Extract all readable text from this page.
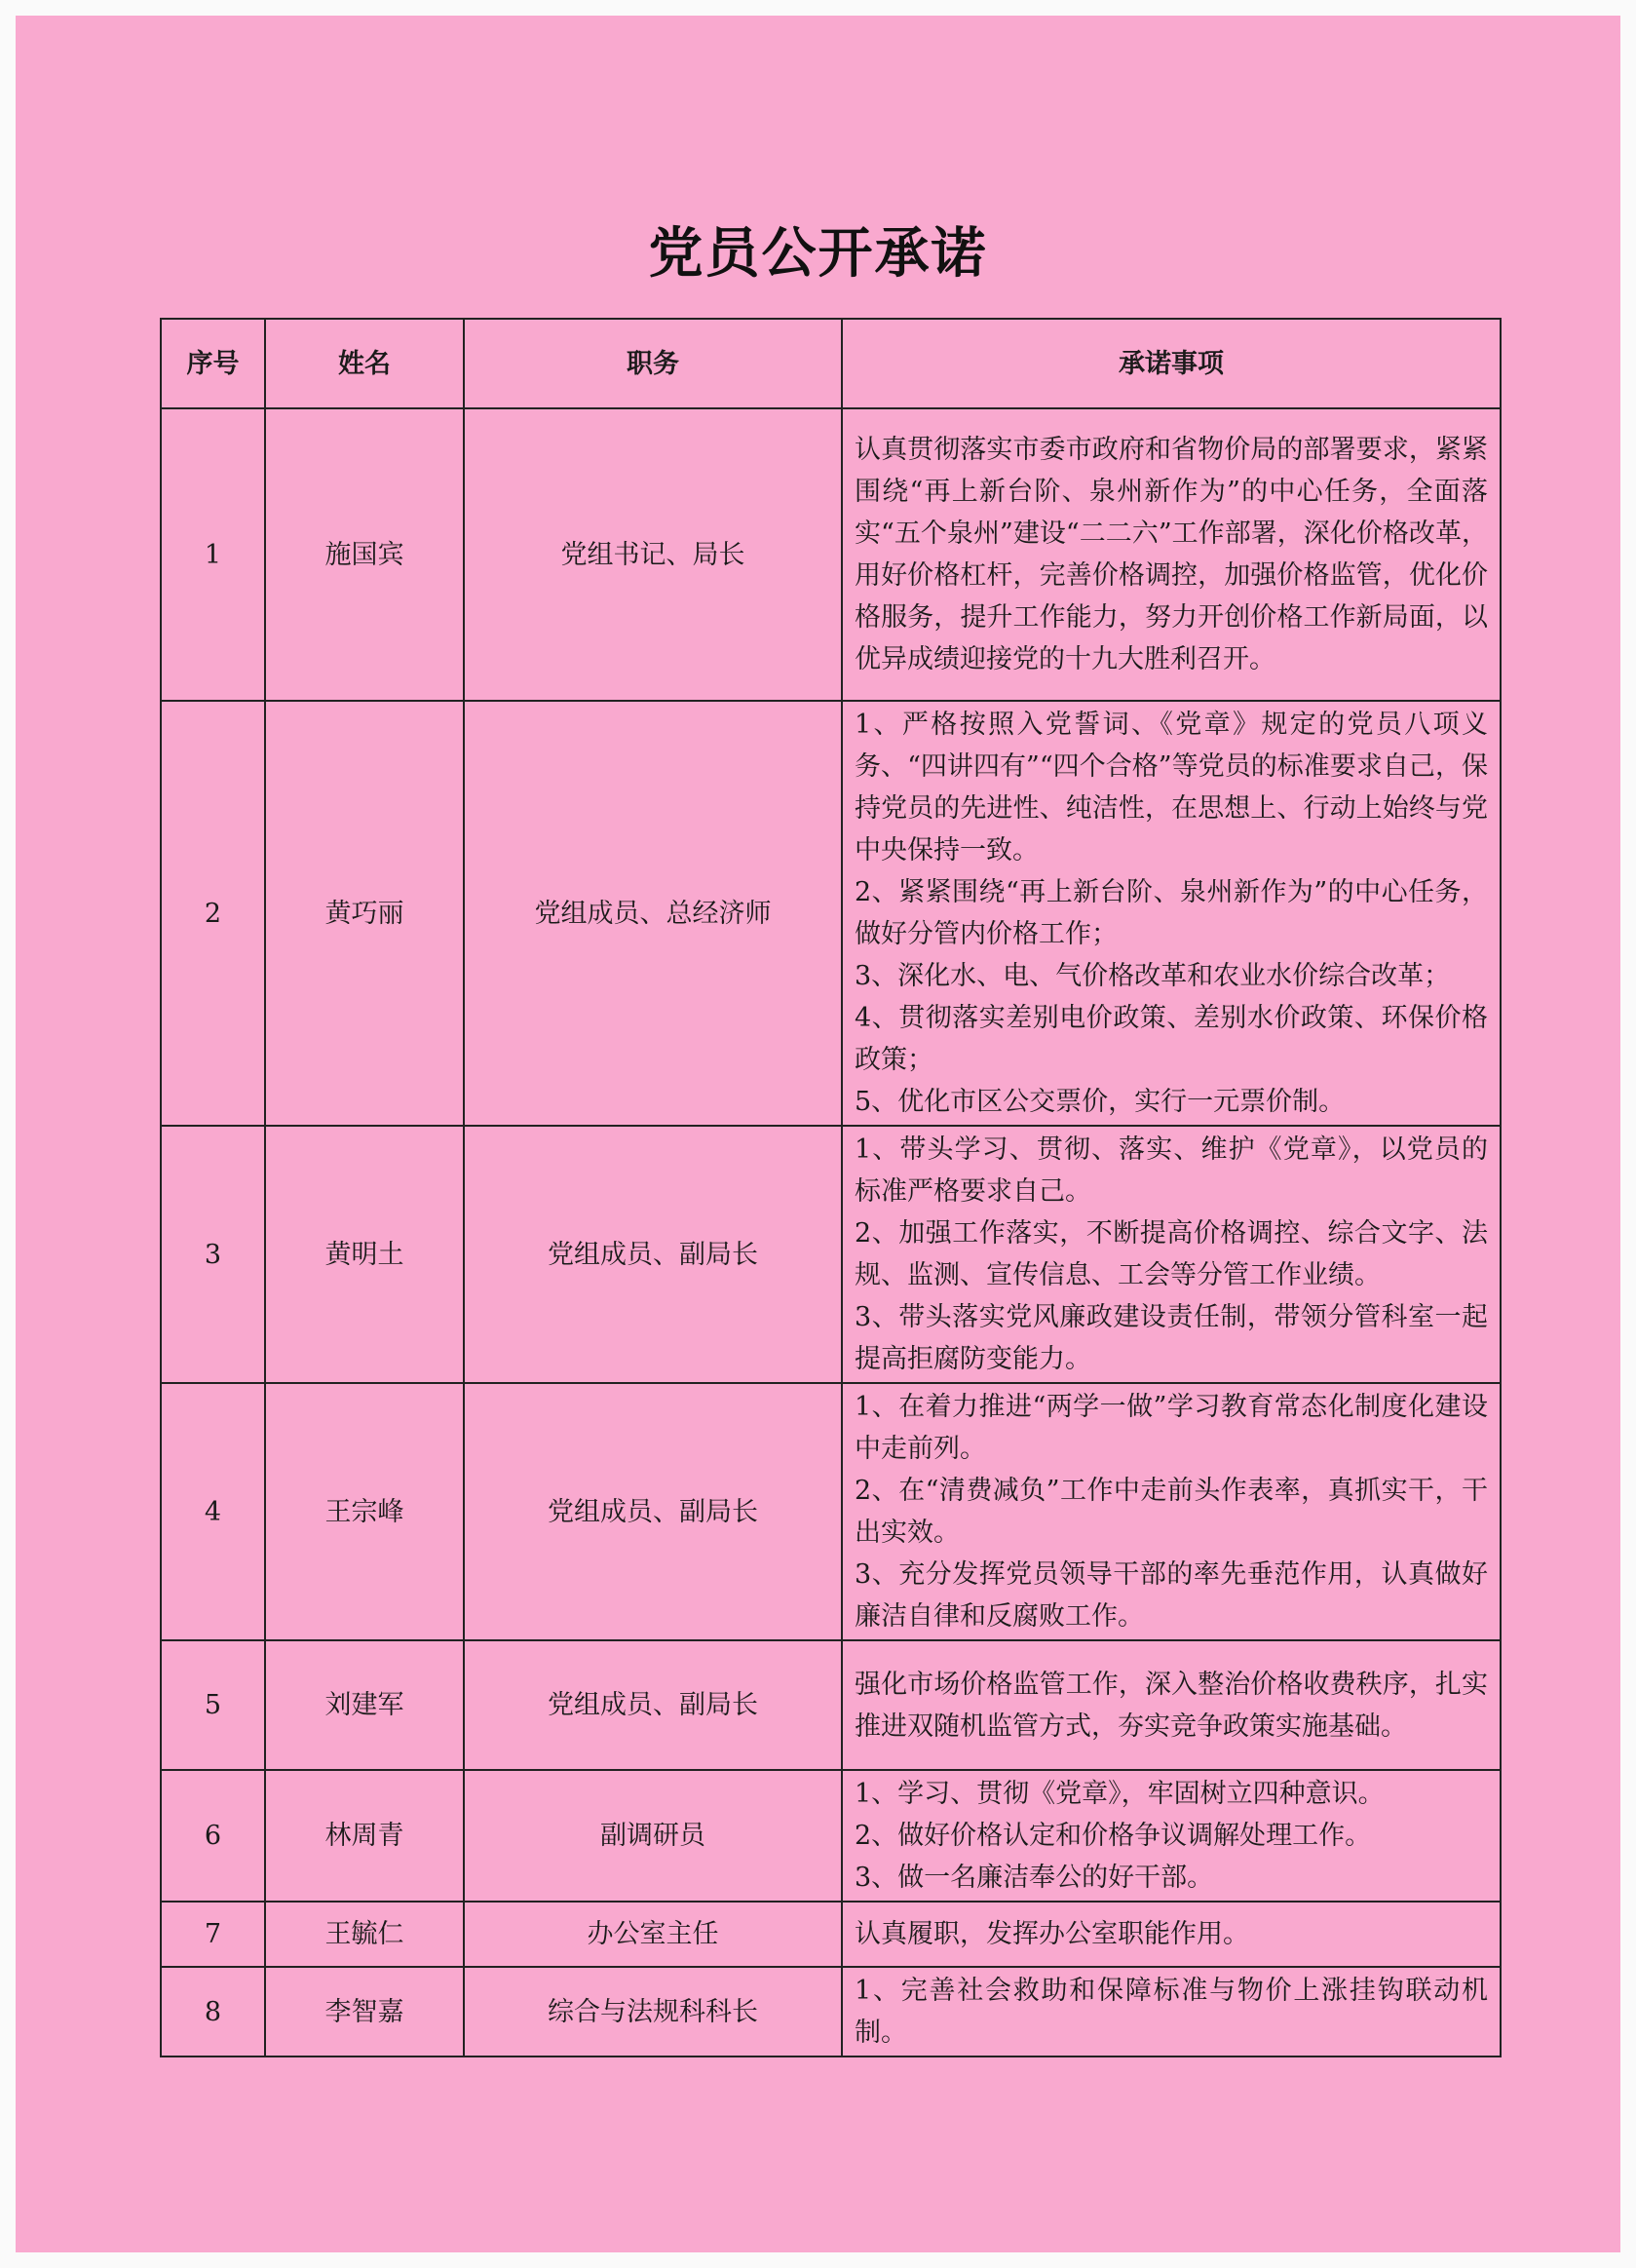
党员公开承诺
序号	姓名	职务	承诺事项
1	施国宾	党组书记、局长	认真贯彻落实市委市政府和省物价局的部署要求，紧紧围绕“再上新台阶、泉州新作为”的中心任务，全面落实“五个泉州”建设“二二六”工作部署，深化价格改革，用好价格杠杆，完善价格调控，加强价格监管，优化价格服务，提升工作能力，努力开创价格工作新局面，以优异成绩迎接党的十九大胜利召开。

2	黄巧丽	党组成员、总经济师	1、严格按照入党誓词、《党章》规定的党员八项义务、“四讲四有”“四个合格”等党员的标准要求自己，保持党员的先进性、纯洁性，在思想上、行动上始终与党中央保持一致。
2、紧紧围绕“再上新台阶、泉州新作为”的中心任务，做好分管内价格工作；
3、深化水、电、气价格改革和农业水价综合改革；
4、贯彻落实差别电价政策、差别水价政策、环保价格政策；
5、优化市区公交票价，实行一元票价制。

3	黄明土	党组成员、副局长	1、带头学习、贯彻、落实、维护《党章》，以党员的标准严格要求自己。
2、加强工作落实，不断提高价格调控、综合文字、法规、监测、宣传信息、工会等分管工作业绩。
3、带头落实党风廉政建设责任制，带领分管科室一起提高拒腐防变能力。

4	王宗峰	党组成员、副局长	1、在着力推进“两学一做”学习教育常态化制度化建设中走前列。
2、在“清费减负”工作中走前头作表率，真抓实干，干出实效。
3、充分发挥党员领导干部的率先垂范作用，认真做好廉洁自律和反腐败工作。

5	刘建军	党组成员、副局长	强化市场价格监管工作，深入整治价格收费秩序，扎实推进双随机监管方式，夯实竞争政策实施基础。

6	林周青	副调研员	1、学习、贯彻《党章》，牢固树立四种意识。
2、做好价格认定和价格争议调解处理工作。
3、做一名廉洁奉公的好干部。

7	王毓仁	办公室主任	认真履职，发挥办公室职能作用。

8	李智嘉	综合与法规科科长	1、完善社会救助和保障标准与物价上涨挂钩联动机制。
